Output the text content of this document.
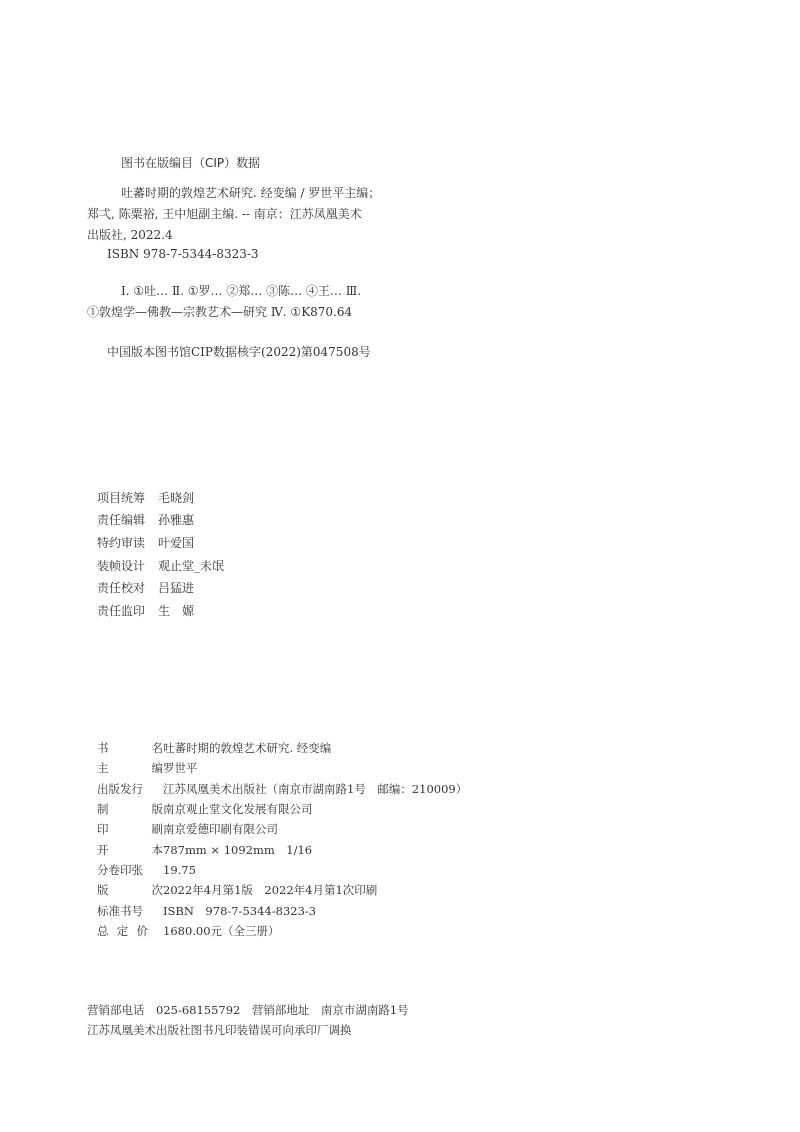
图书在版编目（CIP）数据
吐蕃时期的敦煌艺术研究. 经变编 / 罗世平主编；
郑弌, 陈粟裕, 王中旭副主编. -- 南京：江苏凤凰美术
出版社, 2022.4
ISBN 978-7-5344-8323-3
Ⅰ. ①吐… Ⅱ. ①罗… ②郑… ③陈… ④王… Ⅲ.
①敦煌学—佛教—宗教艺术—研究 Ⅳ. ①K870.64
中国版本图书馆CIP数据核字(2022)第047508号
项目统筹	毛晓剑
责任编辑	孙雅惠
特约审读	叶爱国
装帧设计	观止堂_未氓
责任校对	吕猛进
责任监印	生　嫄
书	名 吐蕃时期的敦煌艺术研究. 经变编
主	编 罗世平
出版发行 江苏凤凰美术出版社（南京市湖南路1号　邮编：210009）
制	版 南京观止堂文化发展有限公司
印	刷 南京爱德印刷有限公司
开	本 787mm × 1092mm　1/16
分卷印张 19.75
版	次 2022年4月第1版　2022年4月第1次印刷
标准书号 ISBN　978-7-5344-8323-3
总 定 价 1680.00元（全三册）
营销部电话　025-68155792　营销部地址　南京市湖南路1号
江苏凤凰美术出版社图书凡印装错误可向承印厂调换
